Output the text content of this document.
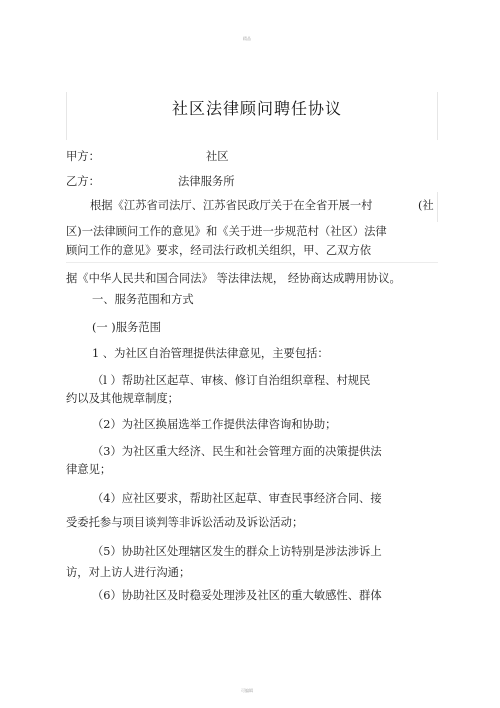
精品
社区法律顾问聘任协议
甲方：	社区
乙方：	法律服务所
根据《江苏省司法厅、江苏省民政厅关于在全省开展一村	(社
区)一法律顾问工作的意见》和《关于进一步规范村（社区）法律
顾问工作的意见》要求，经司法行政机关组织，甲、乙双方依
据《中华人民共和国合同法》 等法律法规， 经协商达成聘用协议。
一、服务范围和方式
(一 )服务范围
1 、为社区自治管理提供法律意见，主要包括：
（l ）帮助社区起草、审核、修订自治组织章程、村规民
约以及其他规章制度；
（2）为社区换届选举工作提供法律咨询和协助；
（3）为社区重大经济、民生和社会管理方面的决策提供法
律意见；
（4）应社区要求，帮助社区起草、审查民事经济合同、接
受委托参与项目谈判等非诉讼活动及诉讼活动；
（5）协助社区处理辖区发生的群众上访特别是涉法涉诉上
访，对上访人进行沟通；
（6）协助社区及时稳妥处理涉及社区的重大敏感性、群体
可编辑
